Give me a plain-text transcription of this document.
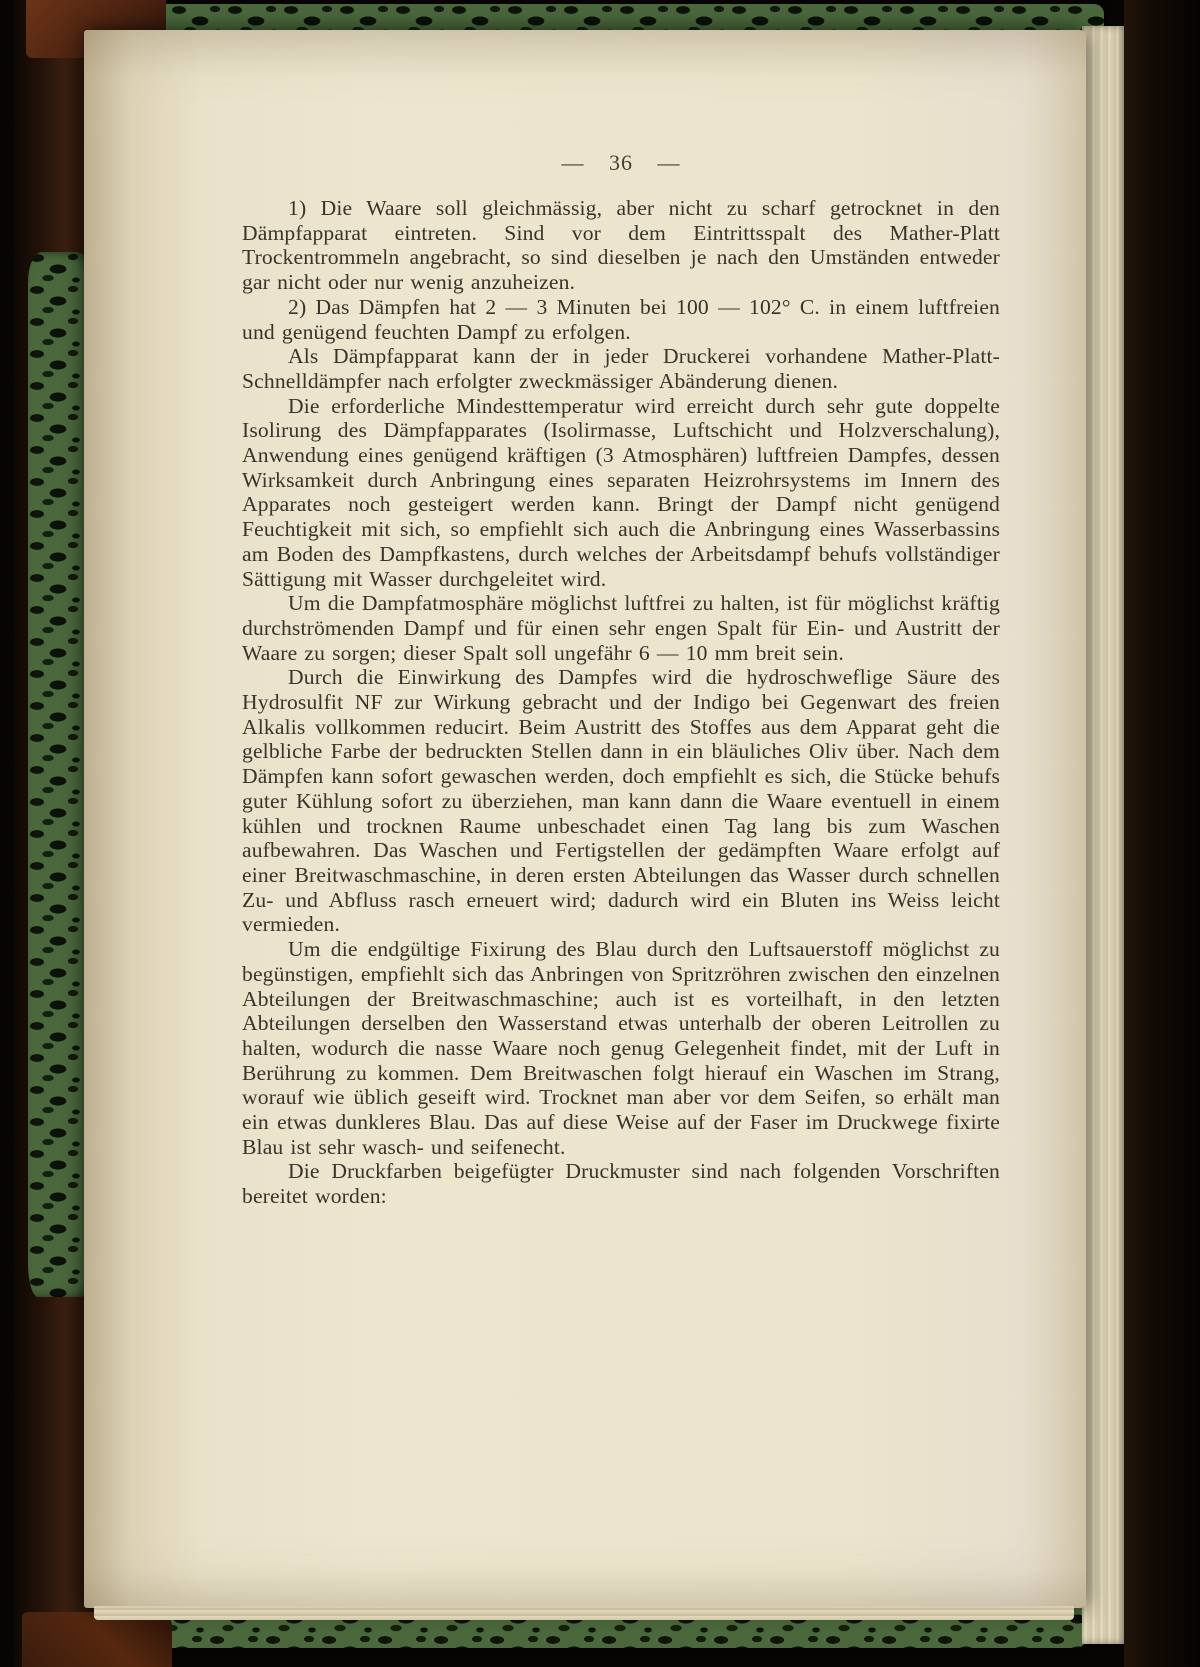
— 36 —

1) Die Waare soll gleichmässig, aber nicht zu scharf getrocknet in den Dämpfapparat eintreten. Sind vor dem Eintrittsspalt des Mather-Platt Trockentrommeln angebracht, so sind dieselben je nach den Umständen entweder gar nicht oder nur wenig anzuheizen.

2) Das Dämpfen hat 2 — 3 Minuten bei 100 — 102° C. in einem luftfreien und genügend feuchten Dampf zu erfolgen.

Als Dämpfapparat kann der in jeder Druckerei vorhandene Mather-Platt-Schnelldämpfer nach erfolgter zweckmässiger Abänderung dienen.

Die erforderliche Mindesttemperatur wird erreicht durch sehr gute doppelte Isolirung des Dämpfapparates (Isolirmasse, Luftschicht und Holzverschalung), Anwendung eines genügend kräftigen (3 Atmosphären) luftfreien Dampfes, dessen Wirksamkeit durch Anbringung eines separaten Heizrohrsystems im Innern des Apparates noch gesteigert werden kann. Bringt der Dampf nicht genügend Feuchtigkeit mit sich, so empfiehlt sich auch die Anbringung eines Wasserbassins am Boden des Dampfkastens, durch welches der Arbeitsdampf behufs vollständiger Sättigung mit Wasser durchgeleitet wird.

Um die Dampfatmosphäre möglichst luftfrei zu halten, ist für möglichst kräftig durchströmenden Dampf und für einen sehr engen Spalt für Ein- und Austritt der Waare zu sorgen; dieser Spalt soll ungefähr 6 — 10 mm breit sein.

Durch die Einwirkung des Dampfes wird die hydroschweflige Säure des Hydrosulfit NF zur Wirkung gebracht und der Indigo bei Gegenwart des freien Alkalis vollkommen reducirt. Beim Austritt des Stoffes aus dem Apparat geht die gelbliche Farbe der bedruckten Stellen dann in ein bläuliches Oliv über. Nach dem Dämpfen kann sofort gewaschen werden, doch empfiehlt es sich, die Stücke behufs guter Kühlung sofort zu überziehen, man kann dann die Waare eventuell in einem kühlen und trocknen Raume unbeschadet einen Tag lang bis zum Waschen aufbewahren. Das Waschen und Fertigstellen der gedämpften Waare erfolgt auf einer Breitwaschmaschine, in deren ersten Abteilungen das Wasser durch schnellen Zu- und Abfluss rasch erneuert wird; dadurch wird ein Bluten ins Weiss leicht vermieden.

Um die endgültige Fixirung des Blau durch den Luftsauerstoff möglichst zu begünstigen, empfiehlt sich das Anbringen von Spritzröhren zwischen den einzelnen Abteilungen der Breitwaschmaschine; auch ist es vorteilhaft, in den letzten Abteilungen derselben den Wasserstand etwas unterhalb der oberen Leitrollen zu halten, wodurch die nasse Waare noch genug Gelegenheit findet, mit der Luft in Berührung zu kommen. Dem Breitwaschen folgt hierauf ein Waschen im Strang, worauf wie üblich geseift wird. Trocknet man aber vor dem Seifen, so erhält man ein etwas dunkleres Blau. Das auf diese Weise auf der Faser im Druckwege fixirte Blau ist sehr wasch- und seifenecht.

Die Druckfarben beigefügter Druckmuster sind nach folgenden Vorschriften bereitet worden:
